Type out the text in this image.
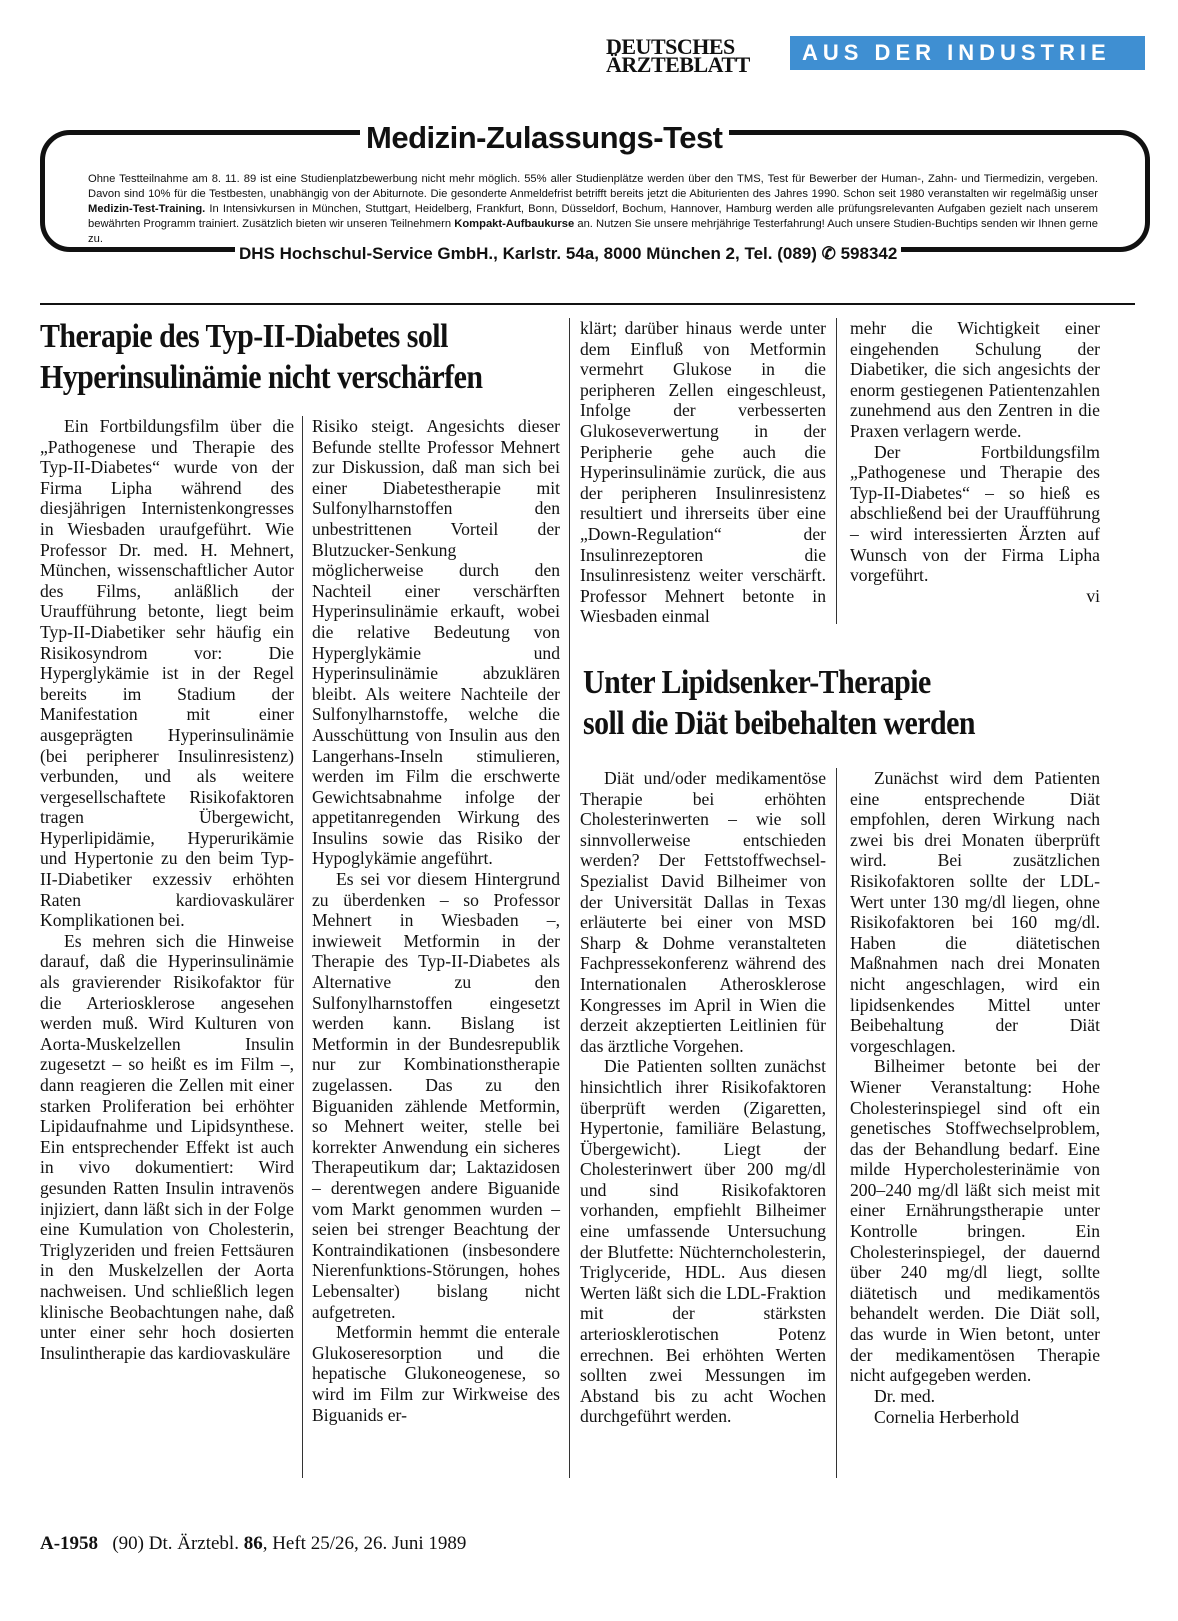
DEUTSCHES
ÄRZTEBLATT	AUS DER INDUSTRIE
Medizin-Zulassungs-Test
Ohne Testteilnahme am 8. 11. 89 ist eine Studienplatzbewerbung nicht mehr möglich. 55% aller Studienplätze werden über den TMS, Test für Bewerber der Human-, Zahn- und Tiermedizin, vergeben. Davon sind 10% für die Testbesten, unabhängig von der Abiturnote. Die gesonderte Anmeldefrist betrifft bereits jetzt die Abiturienten des Jahres 1990. Schon seit 1980 veranstalten wir regelmäßig unser Medizin-Test-Training. In Intensivkursen in München, Stuttgart, Heidelberg, Frankfurt, Bonn, Düsseldorf, Bochum, Hannover, Hamburg werden alle prüfungsrelevanten Aufgaben gezielt nach unserem bewährten Programm trainiert. Zusätzlich bieten wir unseren Teilnehmern Kompakt-Aufbaukurse an. Nutzen Sie unsere mehrjährige Testerfahrung! Auch unsere Studien-Buchtips senden wir Ihnen gerne zu.
DHS Hochschul-Service GmbH., Karlstr. 54a, 8000 München 2, Tel. (089) ✆ 598342
Therapie des Typ-II-Diabetes soll
Hyperinsulinämie nicht verschärfen

Ein Fortbildungsfilm über die „Pathogenese und Therapie des Typ-II-Diabetes“ wurde von der Firma Lipha während des diesjährigen Internistenkongresses in Wiesbaden uraufgeführt. Wie Professor Dr. med. H. Mehnert, München, wissenschaftlicher Autor des Films, anläßlich der Uraufführung betonte, liegt beim Typ-II-Diabetiker sehr häufig ein Risikosyndrom vor: Die Hyperglykämie ist in der Regel bereits im Stadium der Manifestation mit einer ausgeprägten Hyperinsulinämie (bei peripherer Insulinresistenz) verbunden, und als weitere vergesellschaftete Risikofaktoren tragen Übergewicht, Hyperlipidämie, Hyperurikämie und Hypertonie zu den beim Typ-II-Diabetiker exzessiv erhöhten Raten kardiovaskulärer Komplikationen bei.

Es mehren sich die Hinweise darauf, daß die Hyperinsulinämie als gravierender Risikofaktor für die Arteriosklerose angesehen werden muß. Wird Kulturen von Aorta-Muskelzellen Insulin zugesetzt – so heißt es im Film –, dann reagieren die Zellen mit einer starken Proliferation bei erhöhter Lipidaufnahme und Lipidsynthese. Ein entsprechender Effekt ist auch in vivo dokumentiert: Wird gesunden Ratten Insulin intravenös injiziert, dann läßt sich in der Folge eine Kumulation von Cholesterin, Triglyzeriden und freien Fettsäuren in den Muskelzellen der Aorta nachweisen. Und schließlich legen klinische Beobachtungen nahe, daß unter einer sehr hoch dosierten Insulintherapie das kardiovaskuläre

Risiko steigt. Angesichts dieser Befunde stellte Professor Mehnert zur Diskussion, daß man sich bei einer Diabetestherapie mit Sulfonylharnstoffen den unbestrittenen Vorteil der Blutzucker-Senkung möglicherweise durch den Nachteil einer verschärften Hyperinsulinämie erkauft, wobei die relative Bedeutung von Hyperglykämie und Hyperinsulinämie abzuklären bleibt. Als weitere Nachteile der Sulfonylharnstoffe, welche die Ausschüttung von Insulin aus den Langerhans-Inseln stimulieren, werden im Film die erschwerte Gewichtsabnahme infolge der appetitanregenden Wirkung des Insulins sowie das Risiko der Hypoglykämie angeführt.

Es sei vor diesem Hintergrund zu überdenken – so Professor Mehnert in Wiesbaden –, inwieweit Metformin in der Therapie des Typ-II-Diabetes als Alternative zu den Sulfonylharnstoffen eingesetzt werden kann. Bislang ist Metformin in der Bundesrepublik nur zur Kombinationstherapie zugelassen. Das zu den Biguaniden zählende Metformin, so Mehnert weiter, stelle bei korrekter Anwendung ein sicheres Therapeutikum dar; Laktazidosen – derentwegen andere Biguanide vom Markt genommen wurden – seien bei strenger Beachtung der Kontraindikationen (insbesondere Nierenfunktions-Störungen, hohes Lebensalter) bislang nicht aufgetreten.

Metformin hemmt die enterale Glukoseresorption und die hepatische Glukoneogenese, so wird im Film zur Wirkweise des Biguanids er-

klärt; darüber hinaus werde unter dem Einfluß von Metformin vermehrt Glukose in die peripheren Zellen eingeschleust, Infolge der verbesserten Glukoseverwertung in der Peripherie gehe auch die Hyperinsulinämie zurück, die aus der peripheren Insulinresistenz resultiert und ihrerseits über eine „Down-Regulation“ der Insulinrezeptoren die Insulinresistenz weiter verschärft. Professor Mehnert betonte in Wiesbaden einmal

mehr die Wichtigkeit einer eingehenden Schulung der Diabetiker, die sich angesichts der enorm gestiegenen Patientenzahlen zunehmend aus den Zentren in die Praxen verlagern werde.

Der Fortbildungsfilm „Pathogenese und Therapie des Typ-II-Diabetes“ – so hieß es abschließend bei der Uraufführung – wird interessierten Ärzten auf Wunsch von der Firma Lipha vorgeführt.

vi
Unter Lipidsenker-Therapie
soll die Diät beibehalten werden

Diät und/oder medikamentöse Therapie bei erhöhten Cholesterinwerten – wie soll sinnvollerweise entschieden werden? Der Fettstoffwechsel-Spezialist David Bilheimer von der Universität Dallas in Texas erläuterte bei einer von MSD Sharp & Dohme veranstalteten Fachpressekonferenz während des Internationalen Atherosklerose Kongresses im April in Wien die derzeit akzeptierten Leitlinien für das ärztliche Vorgehen.

Die Patienten sollten zunächst hinsichtlich ihrer Risikofaktoren überprüft werden (Zigaretten, Hypertonie, familiäre Belastung, Übergewicht). Liegt der Cholesterinwert über 200 mg/dl und sind Risikofaktoren vorhanden, empfiehlt Bilheimer eine umfassende Untersuchung der Blutfette: Nüchterncholesterin, Triglyceride, HDL. Aus diesen Werten läßt sich die LDL-Fraktion mit der stärksten arteriosklerotischen Potenz errechnen. Bei erhöhten Werten sollten zwei Messungen im Abstand bis zu acht Wochen durchgeführt werden.

Zunächst wird dem Patienten eine entsprechende Diät empfohlen, deren Wirkung nach zwei bis drei Monaten überprüft wird. Bei zusätzlichen Risikofaktoren sollte der LDL-Wert unter 130 mg/dl liegen, ohne Risikofaktoren bei 160 mg/dl. Haben die diätetischen Maßnahmen nach drei Monaten nicht angeschlagen, wird ein lipidsenkendes Mittel unter Beibehaltung der Diät vorgeschlagen.

Bilheimer betonte bei der Wiener Veranstaltung: Hohe Cholesterinspiegel sind oft ein genetisches Stoffwechselproblem, das der Behandlung bedarf. Eine milde Hypercholesterinämie von 200–240 mg/dl läßt sich meist mit einer Ernährungstherapie unter Kontrolle bringen. Ein Cholesterinspiegel, der dauernd über 240 mg/dl liegt, sollte diätetisch und medikamentös behandelt werden. Die Diät soll, das wurde in Wien betont, unter der medikamentösen Therapie nicht aufgegeben werden.

Dr. med.
Cornelia Herberhold
A-1958 (90) Dt. Ärztebl. 86, Heft 25/26, 26. Juni 1989
